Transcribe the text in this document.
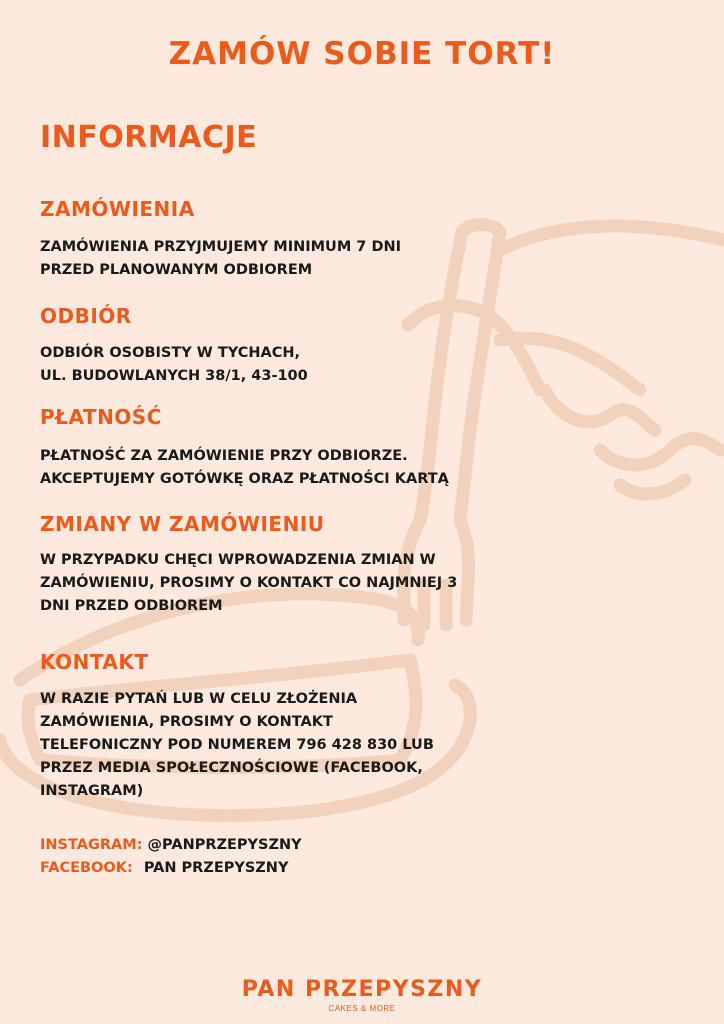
ZAMÓW SOBIE TORT!
INFORMACJE
ZAMÓWIENIA
ZAMÓWIENIA PRZYJMUJEMY MINIMUM 7 DNI
PRZED PLANOWANYM ODBIOREM
ODBIÓR
ODBIÓR OSOBISTY W TYCHACH,
UL. BUDOWLANYCH 38/1, 43-100
PŁATNOŚĆ
PŁATNOŚĆ ZA ZAMÓWIENIE PRZY ODBIORZE.
AKCEPTUJEMY GOTÓWKĘ ORAZ PŁATNOŚCI KARTĄ
ZMIANY W ZAMÓWIENIU
W PRZYPADKU CHĘCI WPROWADZENIA ZMIAN W
ZAMÓWIENIU, PROSIMY O KONTAKT CO NAJMNIEJ 3
DNI PRZED ODBIOREM
KONTAKT
W RAZIE PYTAŃ LUB W CELU ZŁOŻENIA
ZAMÓWIENIA, PROSIMY O KONTAKT
TELEFONICZNY POD NUMEREM 796 428 830 LUB
PRZEZ MEDIA SPOŁECZNOŚCIOWE (FACEBOOK,
INSTAGRAM)
INSTAGRAM: @PANPRZEPYSZNY
FACEBOOK: PAN PRZEPYSZNY
PAN PRZEPYSZNY
CAKES & MORE
